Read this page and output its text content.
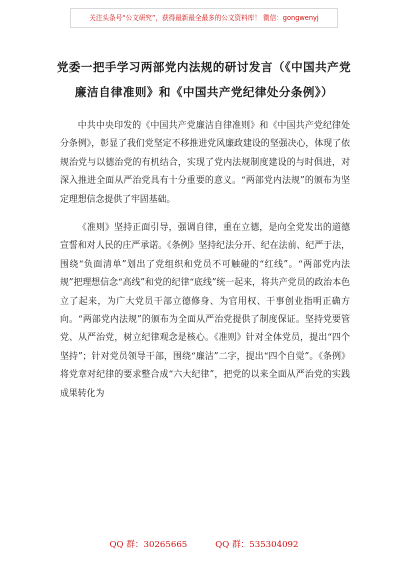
关注头条号“公文研究”，获得最新最全最多的公文资料库！ 微信：gongwenyj
党委一把手学习两部党内法规的研讨发言（《中国共产党
廉洁自律准则》和《中国共产党纪律处分条例》）

中共中央印发的《中国共产党廉洁自律准则》和《中国共产党纪律处分条例》，彰显了我们党坚定不移推进党风廉政建设的坚强决心，体现了依规治党与以德治党的有机结合，实现了党内法规制度建设的与时俱进，对深入推进全面从严治党具有十分重要的意义。“两部党内法规”的颁布为坚定理想信念提供了牢固基础。

《准则》坚持正面引导，强调自律，重在立德，是向全党发出的道德宣誓和对人民的庄严承诺。《条例》坚持纪法分开、纪在法前、纪严于法，围绕“负面清单”划出了党组织和党员不可触碰的“红线”。“两部党内法规”把理想信念“高线”和党的纪律“底线”统一起来，将共产党员的政治本色立了起来，为广大党员干部立德修身、为官用权、干事创业指明正确方向。“两部党内法规”的颁布为全面从严治党提供了制度保证。坚持党要管党、从严治党，树立纪律观念是核心。《准则》针对全体党员，提出“四个坚持”；针对党员领导干部，围绕“廉洁”二字，提出“四个自觉”。《条例》将党章对纪律的要求整合成“六大纪律”，把党的以来全面从严治党的实践成果转化为

QQ 群：30265665	QQ 群：535304092
